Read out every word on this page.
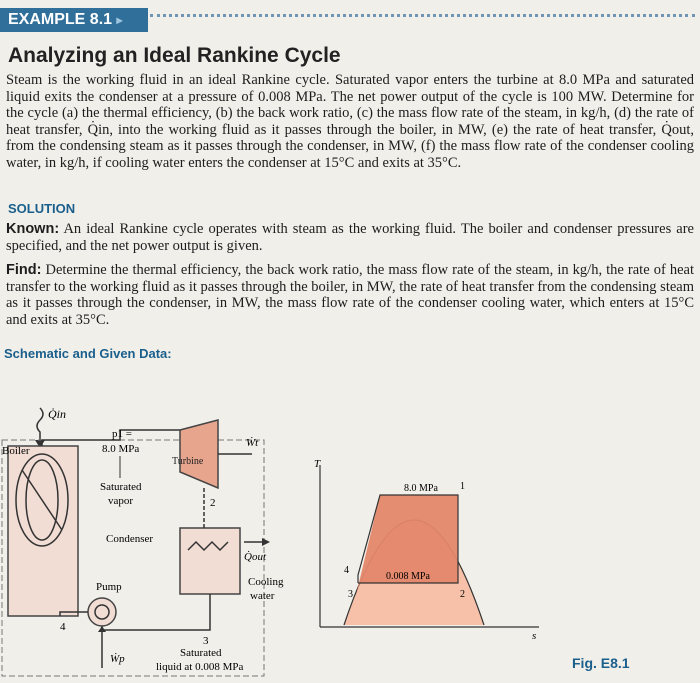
EXAMPLE 8.1 ▸
Analyzing an Ideal Rankine Cycle

Steam is the working fluid in an ideal Rankine cycle. Saturated vapor enters the turbine at 8.0 MPa and saturated liquid exits the condenser at a pressure of 0.008 MPa. The net power output of the cycle is 100 MW. Determine for the cycle (a) the thermal efficiency, (b) the back work ratio, (c) the mass flow rate of the steam, in kg/h, (d) the rate of heat transfer, Q̇in, into the working fluid as it passes through the boiler, in MW, (e) the rate of heat transfer, Q̇out, from the condensing steam as it passes through the condenser, in MW, (f) the mass flow rate of the condenser cooling water, in kg/h, if cooling water enters the condenser at 15°C and exits at 35°C.

SOLUTION

Known: An ideal Rankine cycle operates with steam as the working fluid. The boiler and condenser pressures are specified, and the net power output is given.

Find: Determine the thermal efficiency, the back work ratio, the mass flow rate of the steam, in kg/h, the rate of heat transfer to the working fluid as it passes through the boiler, in MW, the rate of heat transfer from the condensing steam as it passes through the condenser, in MW, the mass flow rate of the condenser cooling water, which enters at 15°C and exits at 35°C.

Schematic and Given Data:
Q̇in
Boiler
p1 =
8.0 MPa
Turbine
Ẇt
Saturated
vapor	2
Condenser
Q̇out
Cooling
water
3
Pump
4
Ẇp	Saturated
liquid at 0.008 MPa
T
s
8.0 MPa
0.008 MPa
1
2
3
4
Fig. E8.1
